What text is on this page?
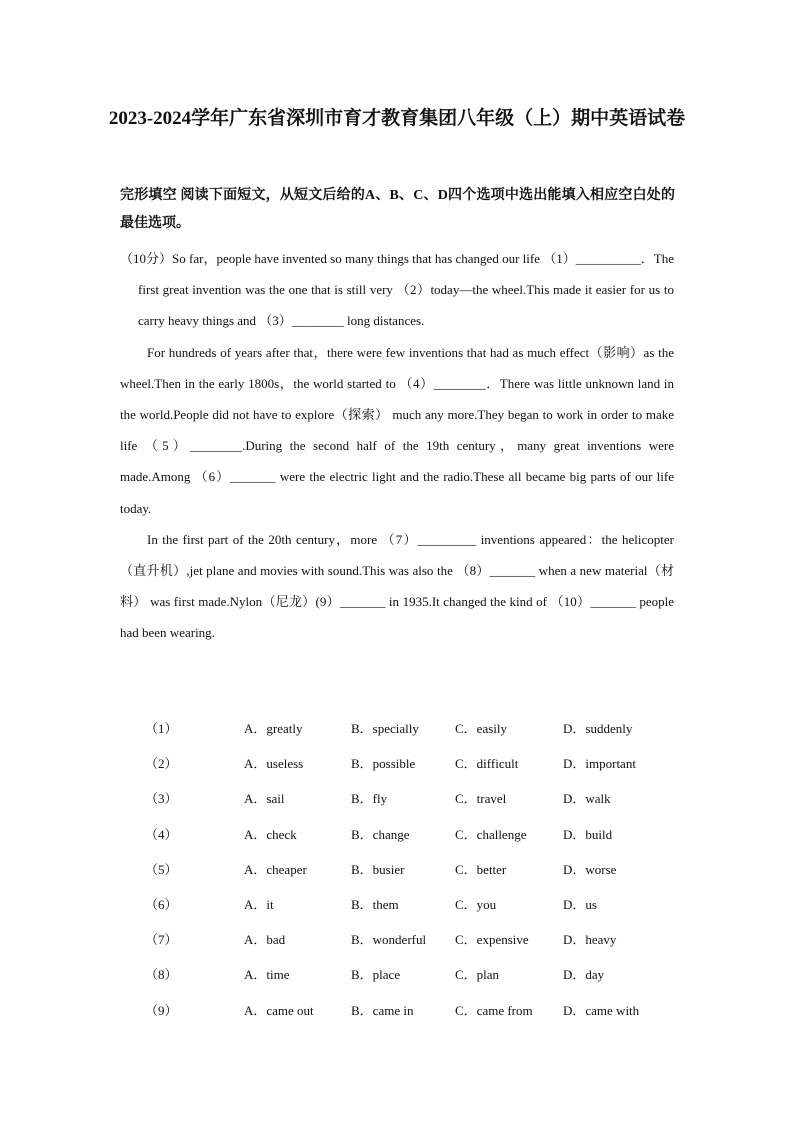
2023-2024学年广东省深圳市育才教育集团八年级（上）期中英语试卷
完形填空 阅读下面短文，从短文后给的A、B、C、D四个选项中选出能填入相应空白处的最佳选项。

（10分）So far，people have invented so many things that has changed our life （1）__________．The first great invention was the one that is still very （2）today—the wheel.This made it easier for us to carry heavy things and （3）________ long distances.

For hundreds of years after that，there were few inventions that had as much effect（影响）as the wheel.Then in the early 1800s，the world started to （4）________．There was little unknown land in the world.People did not have to explore（探索） much any more.They began to work in order to make life （5）________.During the second half of the 19th century，many great inventions were made.Among （6）_______ were the electric light and the radio.These all became big parts of our life today.

In the first part of the 20th century，more （7）_________ inventions appeared：the helicopter（直升机）,jet plane and movies with sound.This was also the （8）_______ when a new material（材料） was first made.Nylon（尼龙）(9）_______ in 1935.It changed the kind of （10）_______ people had been wearing.

（1）	A．greatly	B．specially	C．easily	D．suddenly
（2）	A．useless	B．possible	C．difficult	D．important
（3）	A．sail	B．fly	C．travel	D．walk
（4）	A．check	B．change	C．challenge	D．build
（5）	A．cheaper	B．busier	C．better	D．worse
（6）	A．it	B．them	C．you	D．us
（7）	A．bad	B．wonderful C．expensive	D．heavy
（8）	A．time	B．place	C．plan	D．day
（9）	A．came out	B．came in	C．came from D．came with
